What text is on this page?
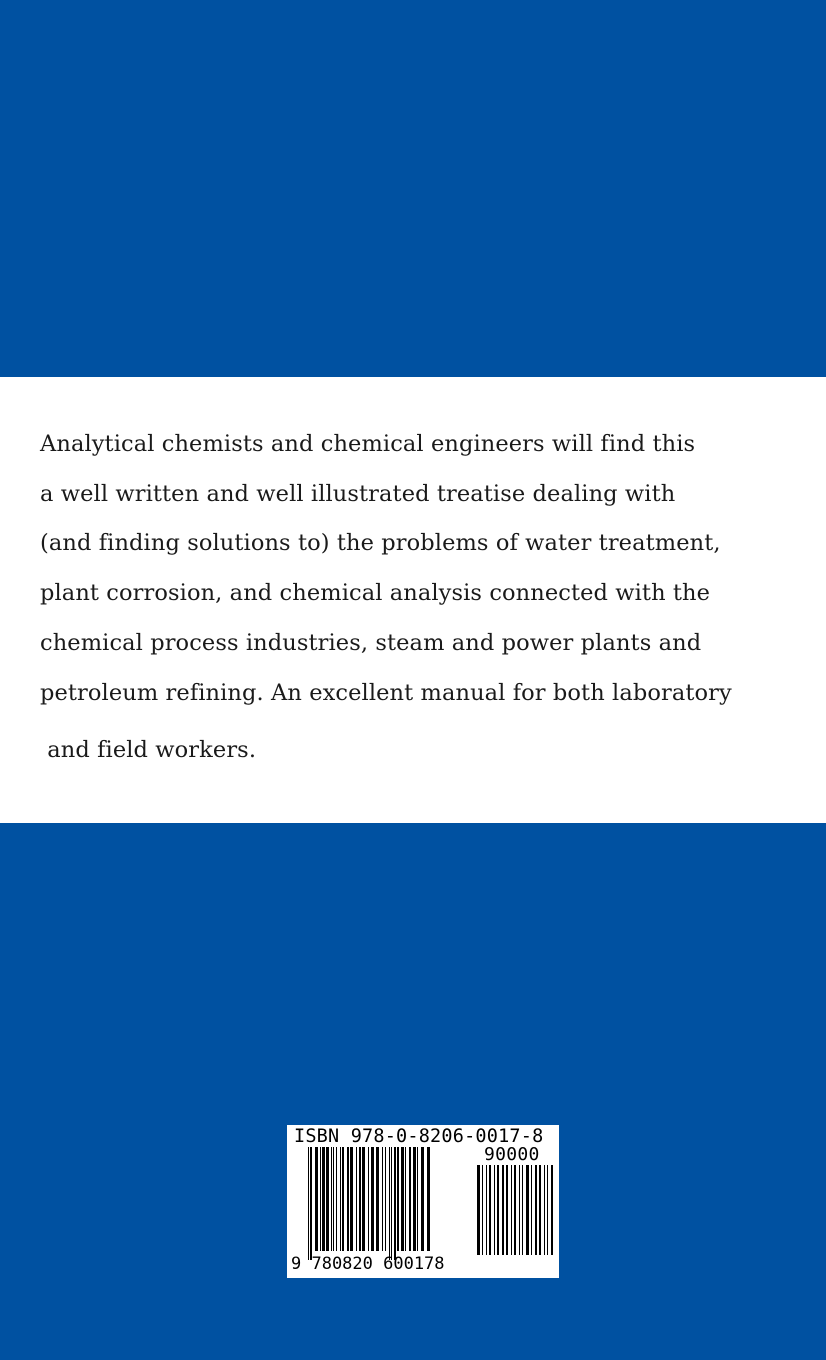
Analytical chemists and chemical engineers will find this
a well written and well illustrated treatise dealing with
(and finding solutions to) the problems of water treatment,
plant corrosion, and chemical analysis connected with the
chemical process industries, steam and power plants and
petroleum refining. An excellent manual for both laboratory
and field workers.
ISBN 978-0-8206-0017-8
90000
9 780820 600178
